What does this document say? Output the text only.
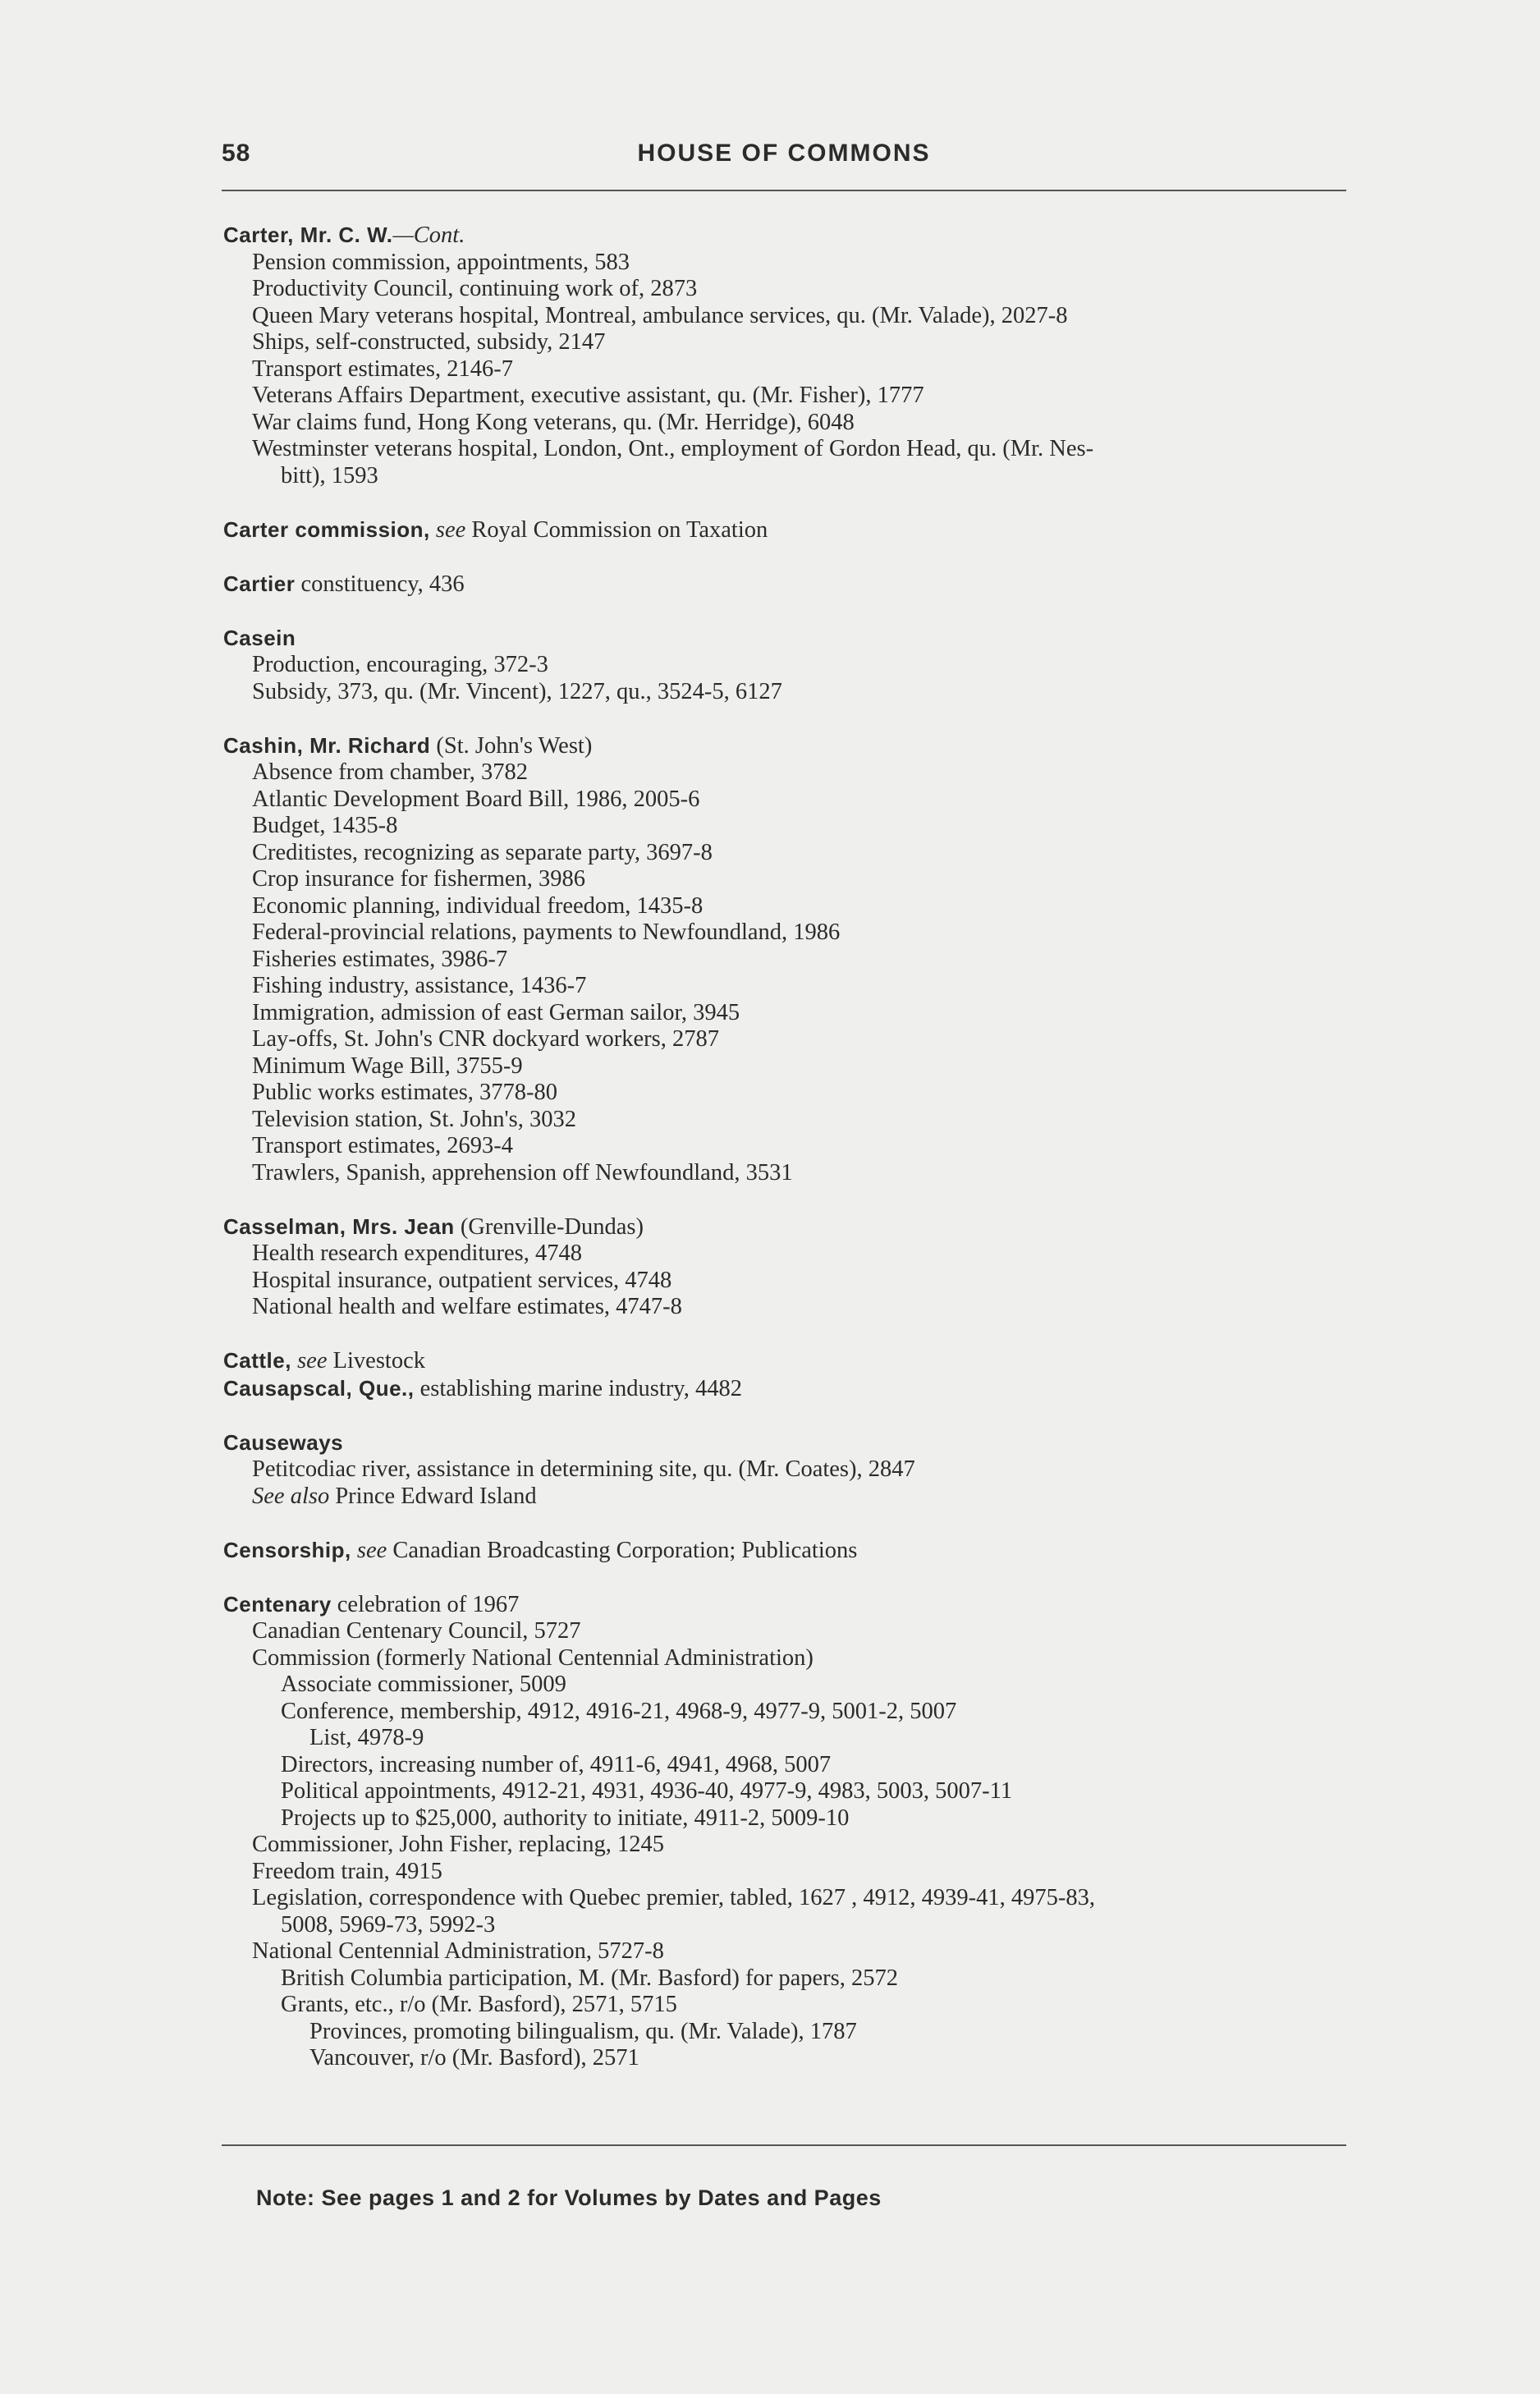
58	HOUSE OF COMMONS
Carter, Mr. C. W.—Cont.
Pension commission, appointments, 583
Productivity Council, continuing work of, 2873
Queen Mary veterans hospital, Montreal, ambulance services, qu. (Mr. Valade), 2027-8
Ships, self-constructed, subsidy, 2147
Transport estimates, 2146-7
Veterans Affairs Department, executive assistant, qu. (Mr. Fisher), 1777
War claims fund, Hong Kong veterans, qu. (Mr. Herridge), 6048
Westminster veterans hospital, London, Ont., employment of Gordon Head, qu. (Mr. Nes-
bitt), 1593
Carter commission, see Royal Commission on Taxation
Cartier constituency, 436
Casein
Production, encouraging, 372-3
Subsidy, 373, qu. (Mr. Vincent), 1227, qu., 3524-5, 6127
Cashin, Mr. Richard (St. John's West)
Absence from chamber, 3782
Atlantic Development Board Bill, 1986, 2005-6
Budget, 1435-8
Creditistes, recognizing as separate party, 3697-8
Crop insurance for fishermen, 3986
Economic planning, individual freedom, 1435-8
Federal-provincial relations, payments to Newfoundland, 1986
Fisheries estimates, 3986-7
Fishing industry, assistance, 1436-7
Immigration, admission of east German sailor, 3945
Lay-offs, St. John's CNR dockyard workers, 2787
Minimum Wage Bill, 3755-9
Public works estimates, 3778-80
Television station, St. John's, 3032
Transport estimates, 2693-4
Trawlers, Spanish, apprehension off Newfoundland, 3531
Casselman, Mrs. Jean (Grenville-Dundas)
Health research expenditures, 4748
Hospital insurance, outpatient services, 4748
National health and welfare estimates, 4747-8
Cattle, see Livestock
Causapscal, Que., establishing marine industry, 4482
Causeways
Petitcodiac river, assistance in determining site, qu. (Mr. Coates), 2847
See also Prince Edward Island
Censorship, see Canadian Broadcasting Corporation; Publications
Centenary celebration of 1967
Canadian Centenary Council, 5727
Commission (formerly National Centennial Administration)
Associate commissioner, 5009
Conference, membership, 4912, 4916-21, 4968-9, 4977-9, 5001-2, 5007
List, 4978-9
Directors, increasing number of, 4911-6, 4941, 4968, 5007
Political appointments, 4912-21, 4931, 4936-40, 4977-9, 4983, 5003, 5007-11
Projects up to $25,000, authority to initiate, 4911-2, 5009-10
Commissioner, John Fisher, replacing, 1245
Freedom train, 4915
Legislation, correspondence with Quebec premier, tabled, 1627 , 4912, 4939-41, 4975-83,
5008, 5969-73, 5992-3
National Centennial Administration, 5727-8
British Columbia participation, M. (Mr. Basford) for papers, 2572
Grants, etc., r/o (Mr. Basford), 2571, 5715
Provinces, promoting bilingualism, qu. (Mr. Valade), 1787
Vancouver, r/o (Mr. Basford), 2571
Note: See pages 1 and 2 for Volumes by Dates and Pages
